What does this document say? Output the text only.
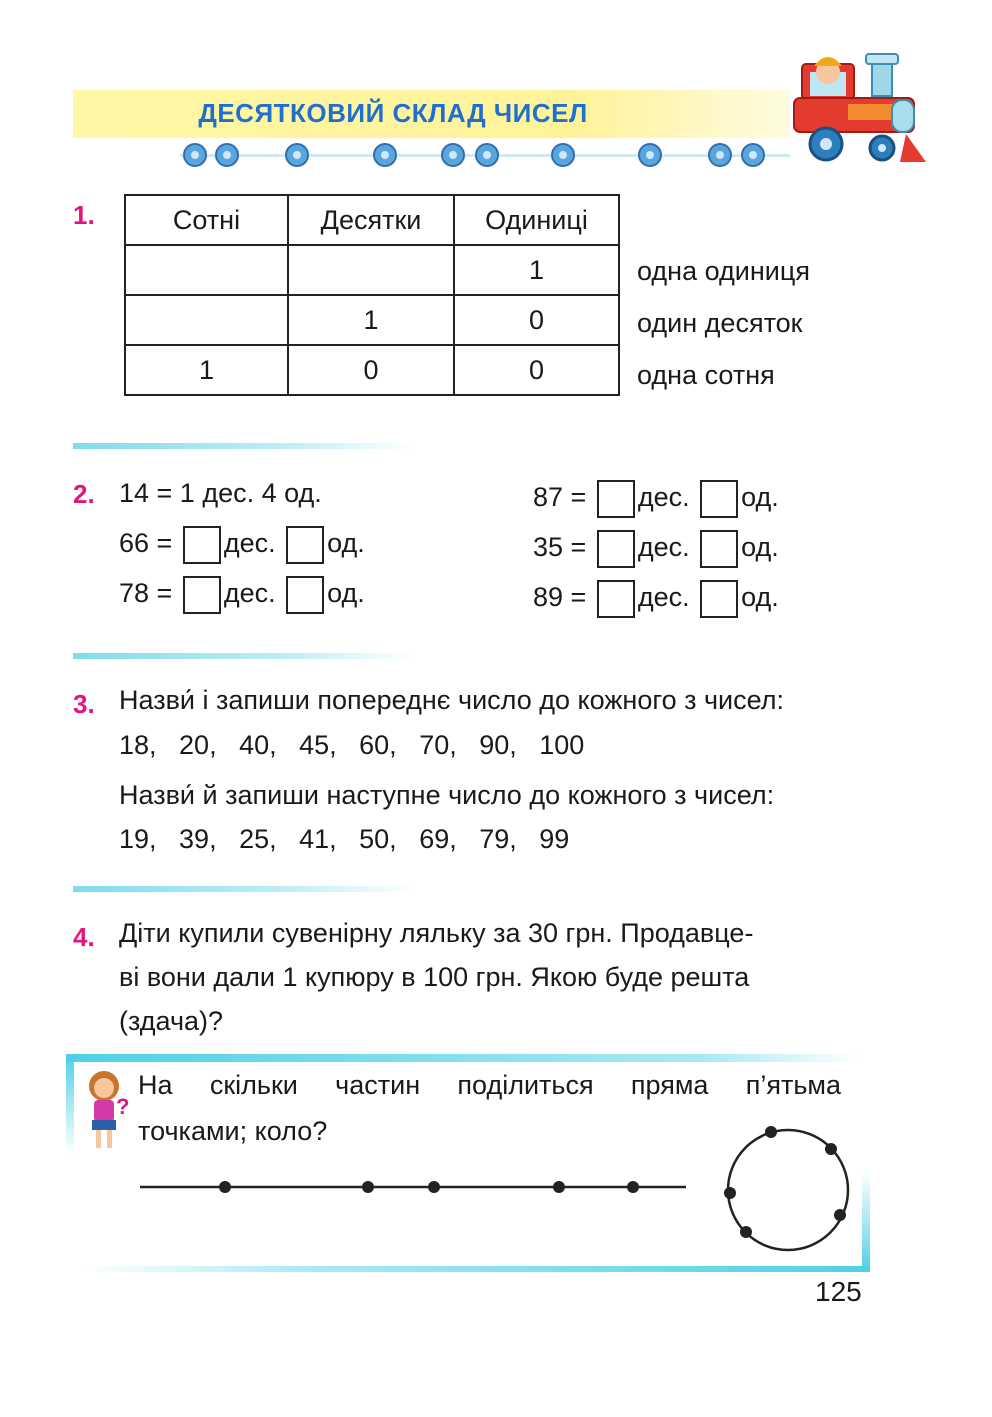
ДЕСЯТКОВИЙ СКЛАД ЧИСЕЛ
1.	Сотні	Десятки	Одиниці
		1
	1	0
1	0	0
одна одиниця
один десяток
одна сотня
2. 14 = 1 дес. 4 од.
66 = дес. од.
78 = дес. од.
87 = дес. од.
35 = дес. од.
89 = дес. од.
3. Назви́ і запиши попереднє число до кожного з чисел:
18,   20,   40,   45,   60,   70,   90,   100
Назви́ й запиши наступне число до кожного з чисел:
19,   39,   25,   41,   50,   69,   79,   99
4. Діти купили сувенірну ляльку за 30 грн. Продавце-
ві вони дали 1 купюру в 100 грн. Якою буде решта
(здача)?
?
На скільки частин поділиться пряма п’ятьма
точками; коло?
125
